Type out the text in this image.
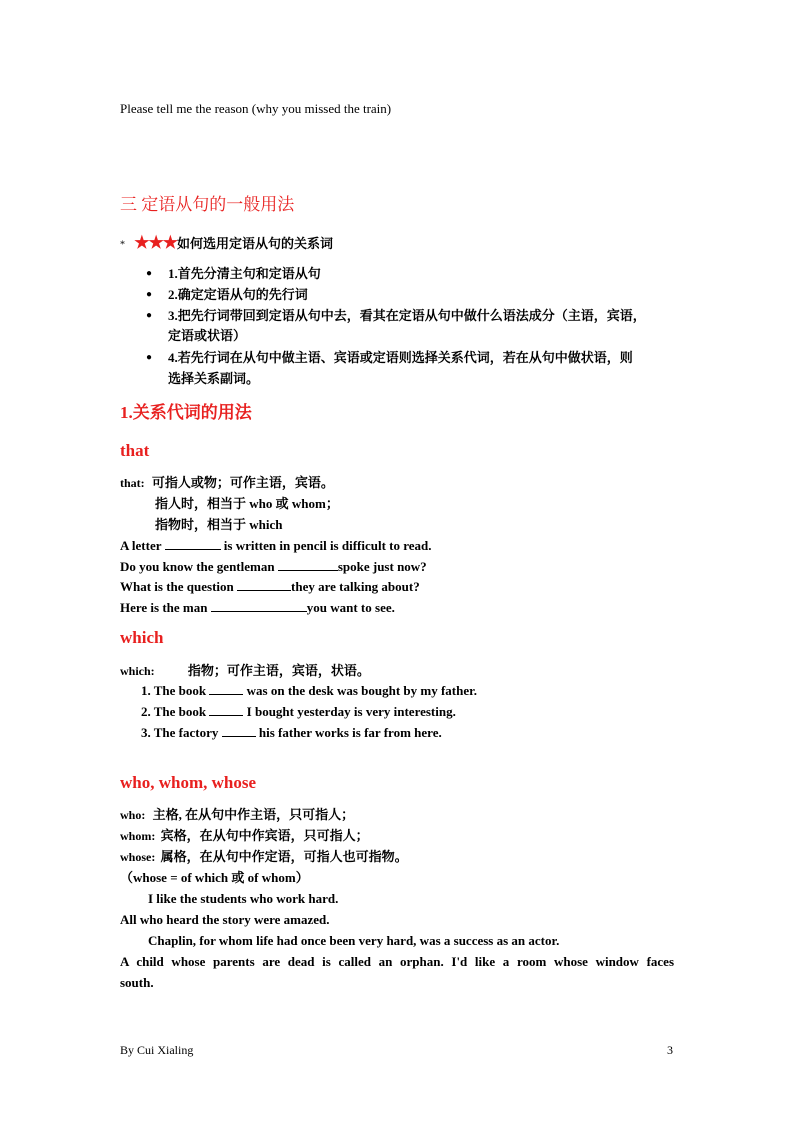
Please tell me the reason (why you missed the train)
三 定语从句的一般用法
* ★★★如何选用定语从句的关系词
● 1.首先分清主句和定语从句
● 2.确定定语从句的先行词
● 3.把先行词带回到定语从句中去，看其在定语从句中做什么语法成分（主语，宾语，
定语或状语）
● 4.若先行词在从句中做主语、宾语或定语则选择关系代词，若在从句中做状语，则
选择关系副词。
1.关系代词的用法
that
that: 可指人或物；可作主语，宾语。
指人时，相当于 who 或 whom；
指物时，相当于 which
A letter	is written in pencil is difficult to read.
Do you know the gentleman	spoke just now?
What is the question	they are talking about?
Here is the man	you want to see.
which
which:	指物；可作主语，宾语，状语。
1. The book	was on the desk was bought by my father.
2. The book	I bought yesterday is very interesting.
3. The factory	his father works is far from here.
who, whom, whose
who: 主格, 在从句中作主语，只可指人；
whom: 宾格，在从句中作宾语，只可指人；
whose: 属格，在从句中作定语，可指人也可指物。
（whose = of which 或 of whom）
I like the students who work hard.
All who heard the story were amazed.
Chaplin, for whom life had once been very hard, was a success as an actor.
A child whose parents are dead is called an orphan. I'd like a room whose window faces
south.
By Cui Xialing	3
